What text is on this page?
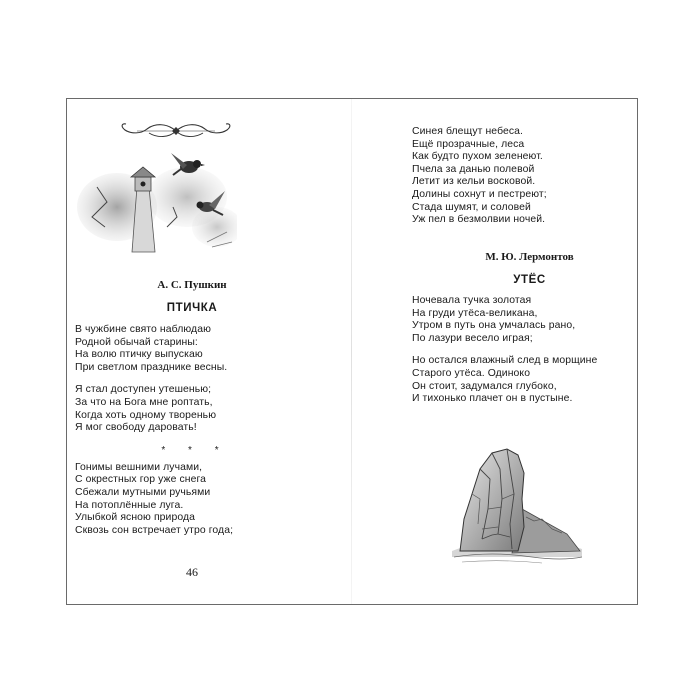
А. С. Пушкин
ПТИЧКА
В чужбине свято наблюдаю
Родной обычай старины:
На волю птичку выпускаю
При светлом празднике весны.
Я стал доступен утешенью;
За что на Бога мне роптать,
Когда хоть одному творенью
Я мог свободу даровать!
* * *
Гонимы вешними лучами,
С окрестных гор уже снега
Сбежали мутными ручьями
На потоплённые луга.
Улыбкой ясною природа
Сквозь сон встречает утро года;
46
Синея блещут небеса.
Ещё прозрачные, леса
Как будто пухом зеленеют.
Пчела за данью полевой
Летит из кельи восковой.
Долины сохнут и пестреют;
Стада шумят, и соловей
Уж пел в безмолвии ночей.
М. Ю. Лермонтов
УТЁС
Ночевала тучка золотая
На груди утёса-великана,
Утром в путь она умчалась рано,
По лазури весело играя;
Но остался влажный след в морщине
Старого утёса. Одиноко
Он стоит, задумался глубоко,
И тихонько плачет он в пустыне.
